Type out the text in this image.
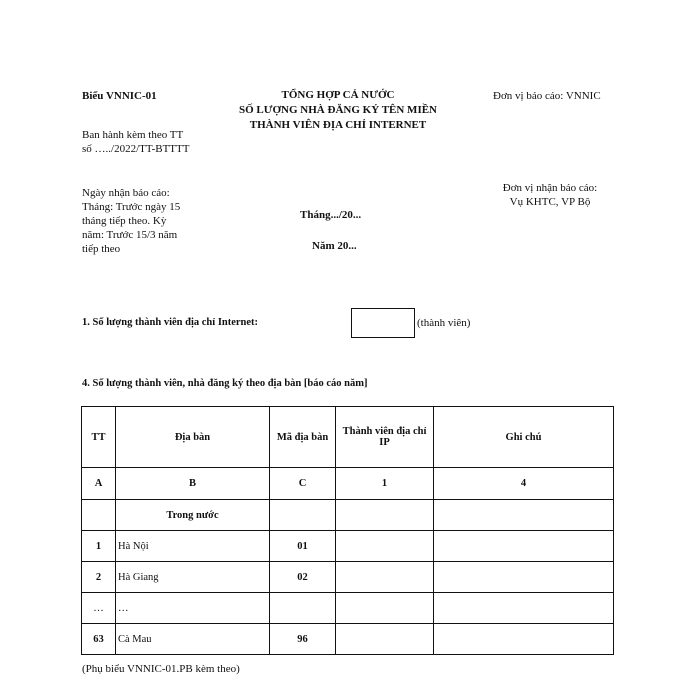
Biểu VNNIC-01	TỔNG HỢP CẢ NƯỚC
SỐ LƯỢNG NHÀ ĐĂNG KÝ TÊN MIỀN
THÀNH VIÊN ĐỊA CHỈ INTERNET
Đơn vị báo cáo: VNNIC
Ban hành kèm theo TT
số …../2022/TT-BTTTT
Ngày nhận báo cáo:
Tháng: Trước ngày 15
tháng tiếp theo. Kỳ
năm: Trước 15/3 năm
tiếp theo
Đơn vị nhận báo cáo:
Vụ KHTC, VP Bộ
Tháng.../20...
Năm 20...
1. Số lượng thành viên địa chỉ Internet:	(thành viên)
4. Số lượng thành viên, nhà đăng ký theo địa bàn [báo cáo năm]
TT	Địa bàn	Mã địa bàn	Thành viên địa chỉ IP	Ghi chú
A	B	C	1	4
	Trong nước			
1	Hà Nội	01		
2	Hà Giang	02		
…	…			
63	Cà Mau	96		
(Phụ biểu VNNIC-01.PB kèm theo)
